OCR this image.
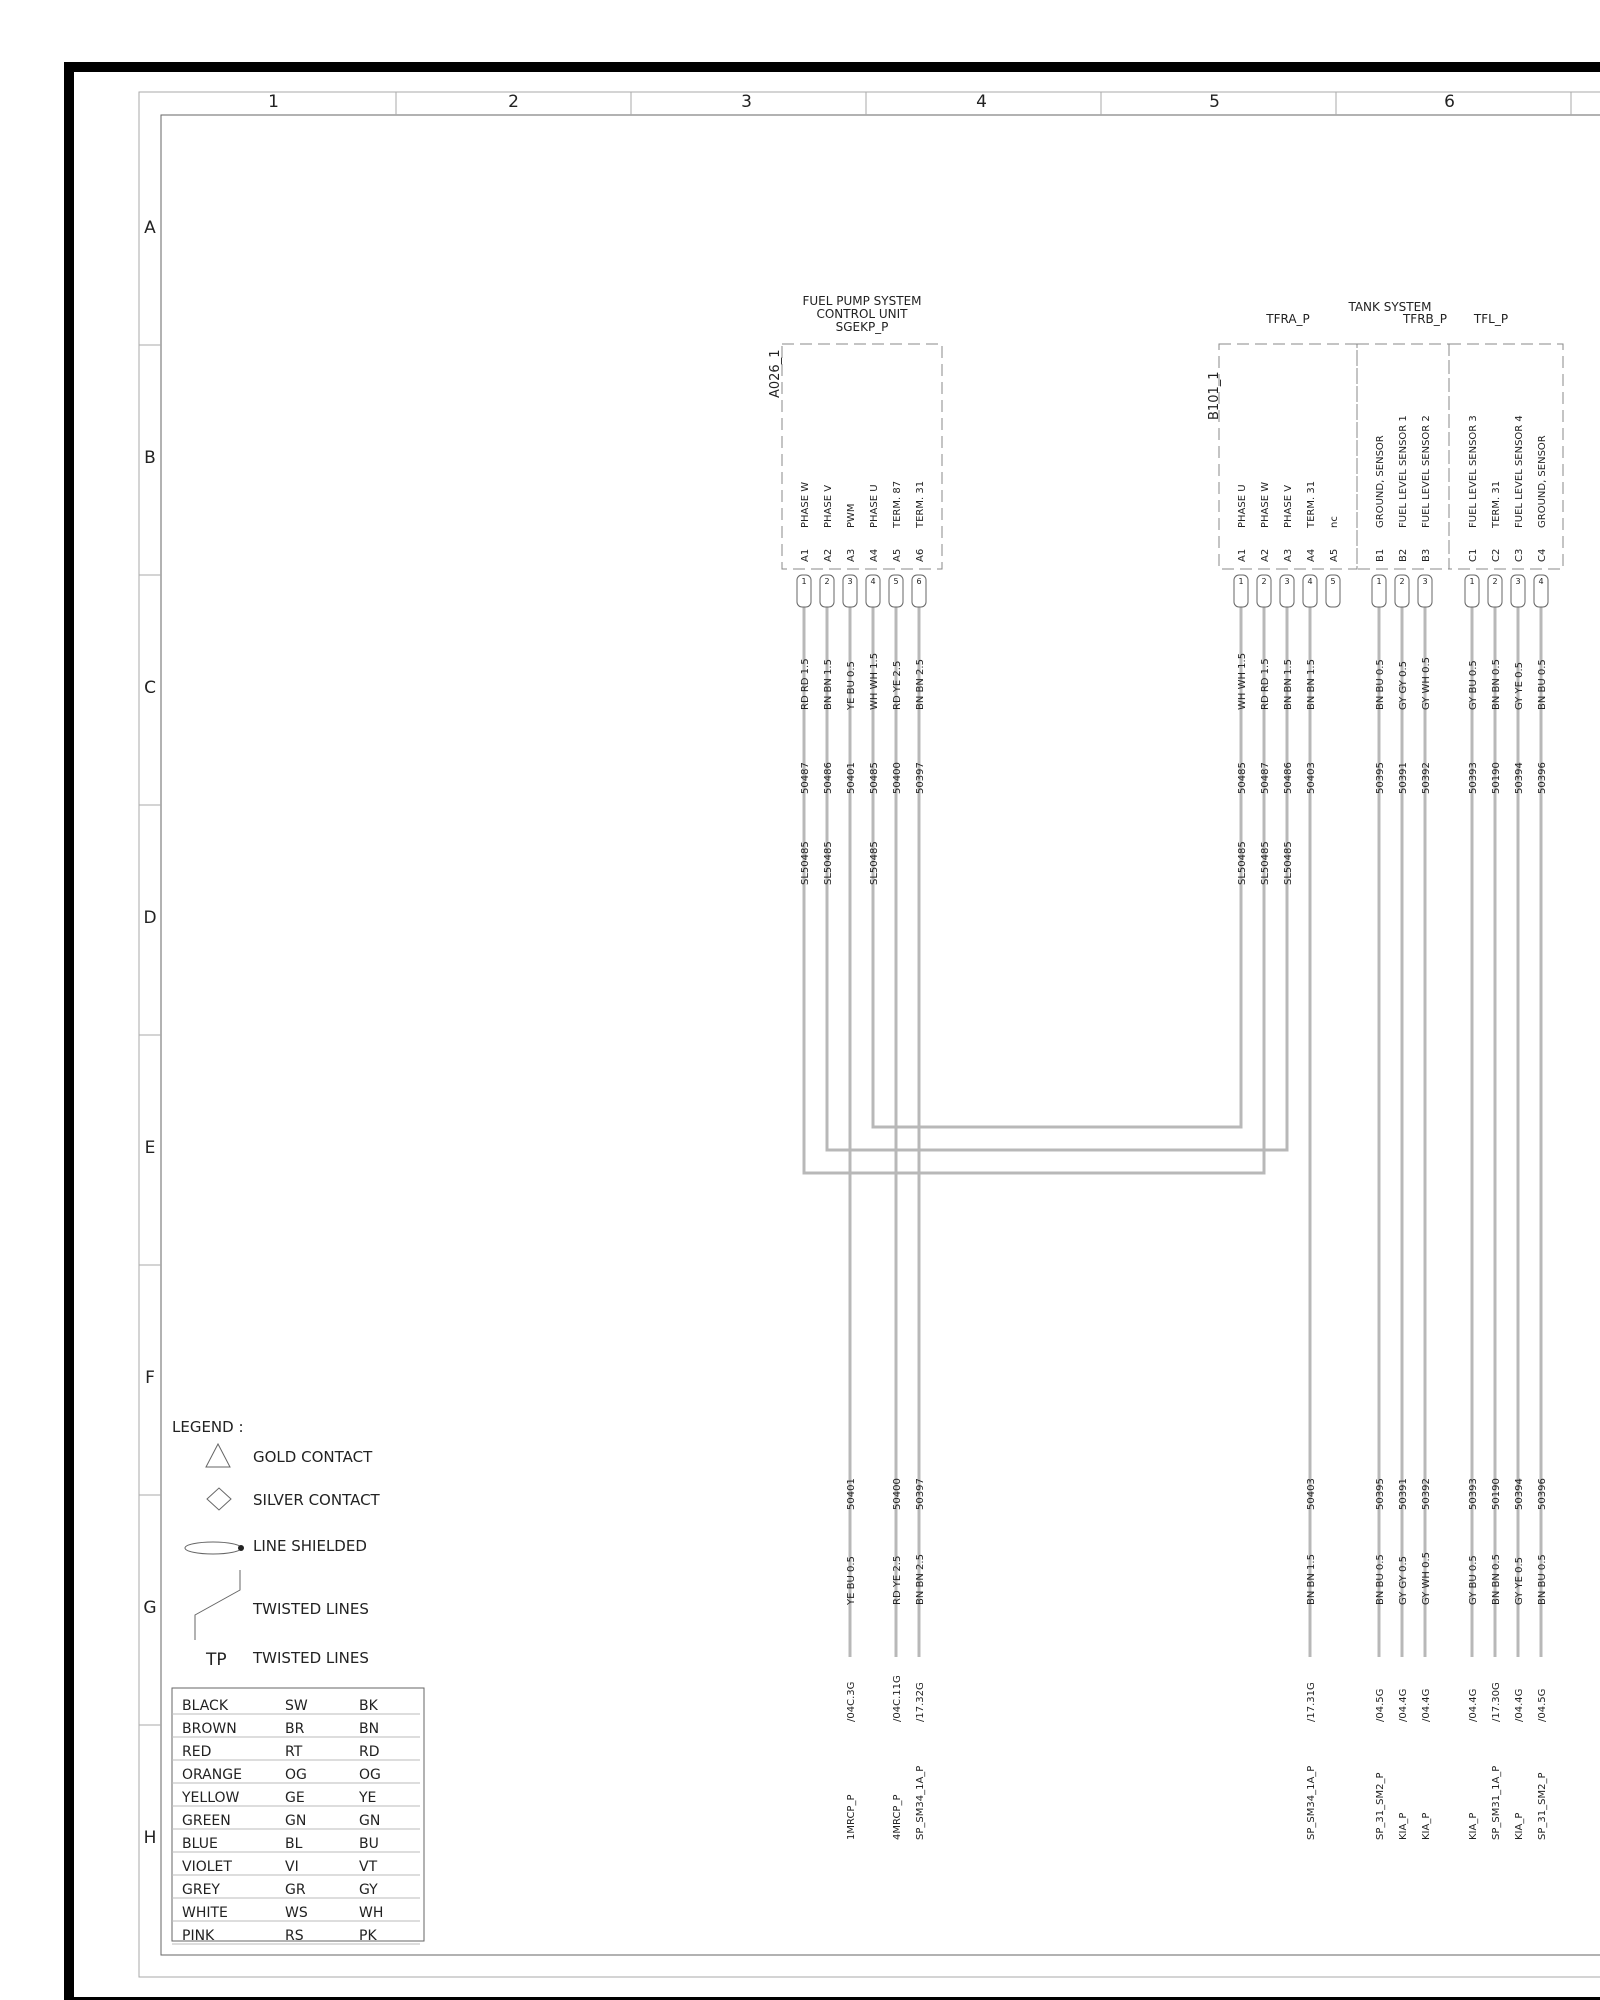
1	2	3	4	5	6
A
B
C
D
E
F
G
H
FUEL PUMP SYSTEM
CONTROL UNIT
SGEKP_P
A026_1
PHASE W
A1
1
RD RD 1.5
50487
SL50485
PHASE V
A2
2
BN BN 1.5
50486
SL50485
PWM
A3
3
YE BU 0.5
50401
PHASE U
A4
4
WH WH 1.5
50485
SL50485
TERM. 87
A5
5
RD YE 2.5
50400
TERM. 31
A6
6
BN BN 2.5
50397
TANK SYSTEM
B101_1
TFRA_P
PHASE U
A1
1
WH WH 1.5
50485
SL50485
PHASE W
A2
2
RD RD 1.5
50487
SL50485
PHASE V
A3
3
BN BN 1.5
50486
SL50485
TERM. 31
A4
4
BN BN 1.5
50403
nc
A5
5
TFRB_P
GROUND, SENSOR
B1
1
BN BU 0.5
50395
FUEL LEVEL SENSOR 1
B2
2
GY GY 0.5
50391
FUEL LEVEL SENSOR 2
B3
3
GY WH 0.5
50392
TFL_P
FUEL LEVEL SENSOR 3
C1
1
GY BU 0.5
50393
TERM. 31
C2
2
BN BN 0.5
50190
FUEL LEVEL SENSOR 4
C3
3
GY YE 0.5
50394
GROUND, SENSOR
C4
4
BN BU 0.5
50396
50401
YE BU 0.5
/04C.3G
1MRCP_P
50400
RD YE 2.5
/04C.11G
4MRCP_P
50397
BN BN 2.5
/17.32G
SP_SM34_1A_P
50403
BN BN 1.5
/17.31G
SP_SM34_1A_P
50395
BN BU 0.5
/04.5G
SP_31_SM2_P
50391
GY GY 0.5
/04.4G
KIA_P
50392
GY WH 0.5
/04.4G
KIA_P
50393
GY BU 0.5
/04.4G
KIA_P
50190
BN BN 0.5
/17.30G
SP_SM31_1A_P
50394
GY YE 0.5
/04.4G
KIA_P
50396
BN BU 0.5
/04.5G
SP_31_SM2_P
LEGEND :
GOLD CONTACT
SILVER CONTACT
LINE SHIELDED
TWISTED LINES
TP TWISTED LINES
BLACK	SW	BK
BROWN	BR	BN
RED	RT	RD
ORANGE	OG	OG
YELLOW	GE	YE
GREEN	GN	GN
BLUE	BL	BU
VIOLET	VI	VT
GREY	GR	GY
WHITE	WS	WH
PINK	RS	PK
